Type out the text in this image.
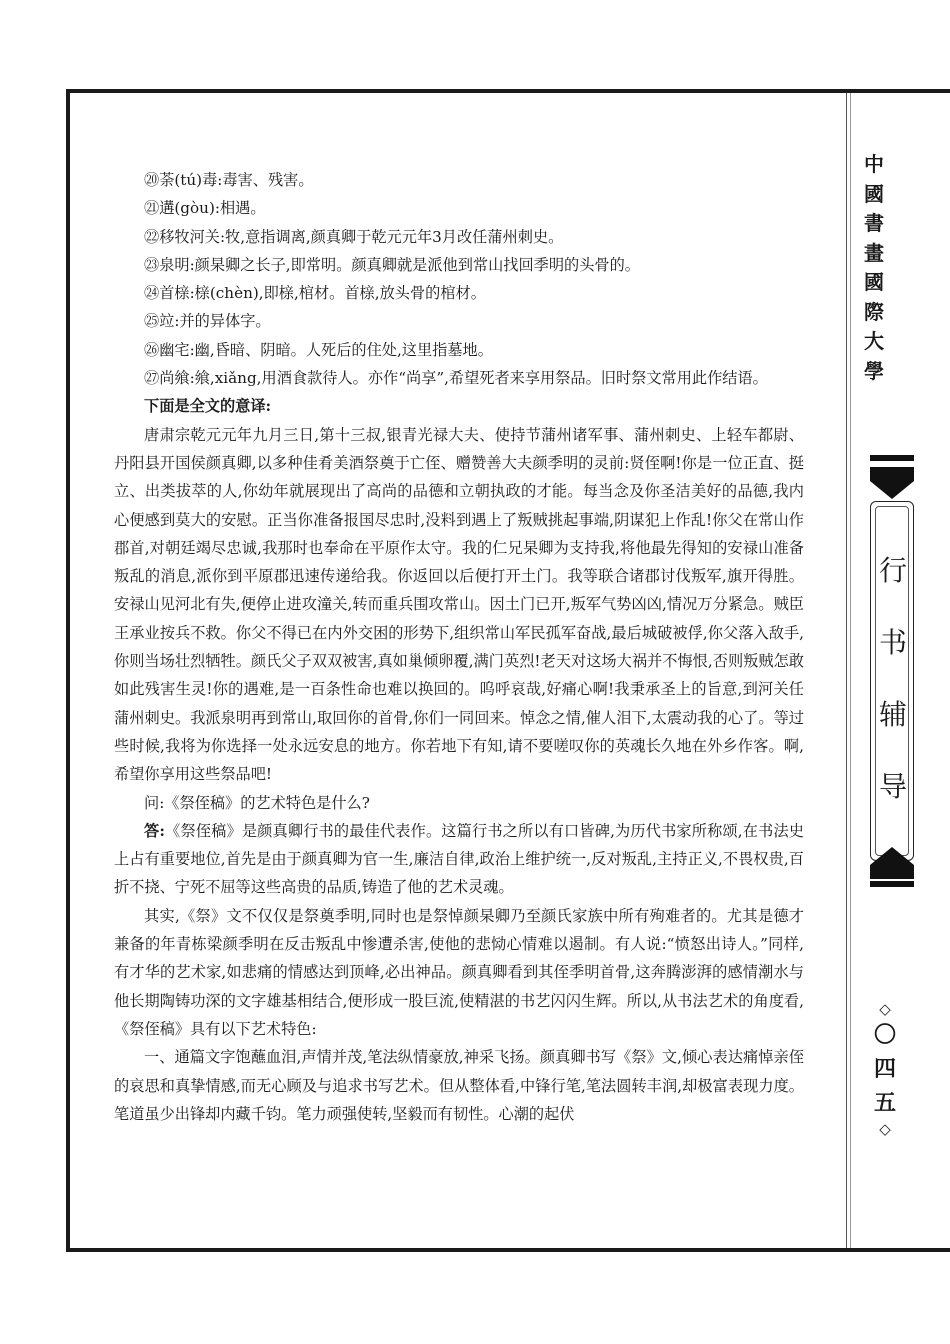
⑳荼(tú)毒:毒害、残害。

㉑遘(gòu):相遇。

㉒移牧河关:牧,意指调离,颜真卿于乾元元年3月改任蒲州刺史。

㉓泉明:颜杲卿之长子,即常明。颜真卿就是派他到常山找回季明的头骨的。

㉔首榇:榇(chèn),即榇,棺材。首榇,放头骨的棺材。

㉕竝:并的异体字。

㉖幽宅:幽,昏暗、阴暗。人死后的住处,这里指墓地。

㉗尚飨:飨,xiǎng,用酒食款待人。亦作“尚享”,希望死者来享用祭品。旧时祭文常用此作结语。

下面是全文的意译:

唐肃宗乾元元年九月三日,第十三叔,银青光禄大夫、使持节蒲州诸军事、蒲州刺史、上轻车都尉、丹阳县开国侯颜真卿,以多种佳肴美酒祭奠于亡侄、赠赞善大夫颜季明的灵前:贤侄啊!你是一位正直、挺立、出类拔萃的人,你幼年就展现出了高尚的品德和立朝执政的才能。每当念及你圣洁美好的品德,我内心便感到莫大的安慰。正当你准备报国尽忠时,没料到遇上了叛贼挑起事端,阴谋犯上作乱!你父在常山作郡首,对朝廷竭尽忠诚,我那时也奉命在平原作太守。我的仁兄杲卿为支持我,将他最先得知的安禄山准备叛乱的消息,派你到平原郡迅速传递给我。你返回以后便打开土门。我等联合诸郡讨伐叛军,旗开得胜。安禄山见河北有失,便停止进攻潼关,转而重兵围攻常山。因土门已开,叛军气势凶凶,情况万分紧急。贼臣王承业按兵不救。你父不得已在内外交困的形势下,组织常山军民孤军奋战,最后城破被俘,你父落入敌手,你则当场壮烈牺牲。颜氏父子双双被害,真如巢倾卵覆,满门英烈!老天对这场大祸并不悔恨,否则叛贼怎敢如此残害生灵!你的遇难,是一百条性命也难以换回的。呜呼哀哉,好痛心啊!我秉承圣上的旨意,到河关任蒲州刺史。我派泉明再到常山,取回你的首骨,你们一同回来。悼念之情,催人泪下,太震动我的心了。等过些时候,我将为你选择一处永远安息的地方。你若地下有知,请不要嗟叹你的英魂长久地在外乡作客。啊,希望你享用这些祭品吧!

问:《祭侄稿》的艺术特色是什么?

答:《祭侄稿》是颜真卿行书的最佳代表作。这篇行书之所以有口皆碑,为历代书家所称颂,在书法史上占有重要地位,首先是由于颜真卿为官一生,廉洁自律,政治上维护统一,反对叛乱,主持正义,不畏权贵,百折不挠、宁死不屈等这些高贵的品质,铸造了他的艺术灵魂。

其实,《祭》文不仅仅是祭奠季明,同时也是祭悼颜杲卿乃至颜氏家族中所有殉难者的。尤其是德才兼备的年青栋梁颜季明在反击叛乱中惨遭杀害,使他的悲恸心情难以遏制。有人说:“愤怒出诗人。”同样,有才华的艺术家,如悲痛的情感达到顶峰,必出神品。颜真卿看到其侄季明首骨,这奔腾澎湃的感情潮水与他长期陶铸功深的文字雄基相结合,便形成一股巨流,使精湛的书艺闪闪生辉。所以,从书法艺术的角度看,《祭侄稿》具有以下艺术特色:

一、通篇文字饱蘸血泪,声情并茂,笔法纵情豪放,神采飞扬。颜真卿书写《祭》文,倾心表达痛悼亲侄的哀思和真挚情感,而无心顾及与追求书写艺术。但从整体看,中锋行笔,笔法圆转丰润,却极富表现力度。笔道虽少出锋却内藏千钧。笔力顽强使转,坚毅而有韧性。心潮的起伏

中
國
書
畫
國
際
大
學
行
书
辅
导
◇
〇
四
五
◇
